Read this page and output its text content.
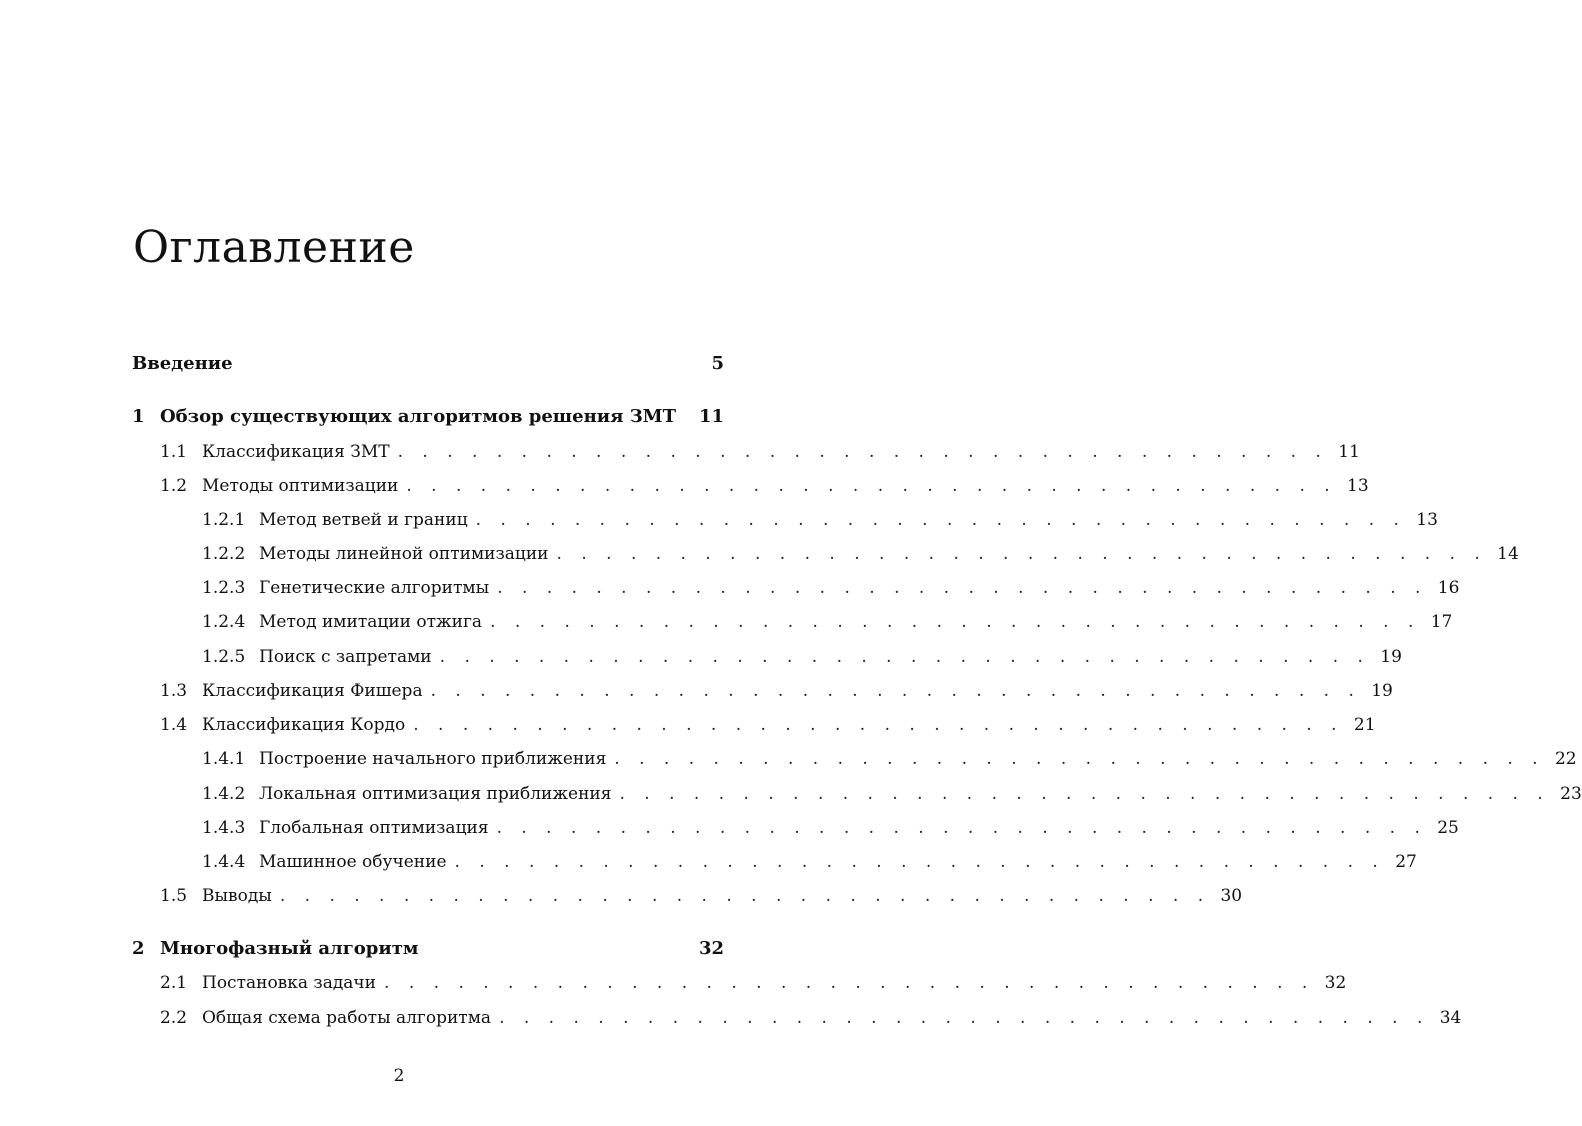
Оглавление
Введение	5
1 Обзор существующих алгоритмов решения ЗМТ	11
1.1 Классификация ЗМТ . . . . . . . . . . . . . . . . . . . . . . . . . . . . . . . . . . . . . . 11
1.2 Методы оптимизации . . . . . . . . . . . . . . . . . . . . . . . . . . . . . . . . . . . . . . 13
1.2.1 Метод ветвей и границ . . . . . . . . . . . . . . . . . . . . . . . . . . . . . . . . . . . . . . 13
1.2.2 Методы линейной оптимизации . . . . . . . . . . . . . . . . . . . . . . . . . . . . . . . . . . . . . . 14
1.2.3 Генетические алгоритмы . . . . . . . . . . . . . . . . . . . . . . . . . . . . . . . . . . . . . . 16
1.2.4 Метод имитации отжига . . . . . . . . . . . . . . . . . . . . . . . . . . . . . . . . . . . . . . 17
1.2.5 Поиск с запретами . . . . . . . . . . . . . . . . . . . . . . . . . . . . . . . . . . . . . . 19
1.3 Классификация Фишера . . . . . . . . . . . . . . . . . . . . . . . . . . . . . . . . . . . . . . 19
1.4 Классификация Кордо . . . . . . . . . . . . . . . . . . . . . . . . . . . . . . . . . . . . . . 21
1.4.1 Построение начального приближения . . . . . . . . . . . . . . . . . . . . . . . . . . . . . . . . . . . . . . 22
1.4.2 Локальная оптимизация приближения . . . . . . . . . . . . . . . . . . . . . . . . . . . . . . . . . . . . . . 23
1.4.3 Глобальная оптимизация . . . . . . . . . . . . . . . . . . . . . . . . . . . . . . . . . . . . . . 25
1.4.4 Машинное обучение . . . . . . . . . . . . . . . . . . . . . . . . . . . . . . . . . . . . . . 27
1.5 Выводы . . . . . . . . . . . . . . . . . . . . . . . . . . . . . . . . . . . . . . 30
2 Многофазный алгоритм	32
2.1 Постановка задачи . . . . . . . . . . . . . . . . . . . . . . . . . . . . . . . . . . . . . . 32
2.2 Общая схема работы алгоритма . . . . . . . . . . . . . . . . . . . . . . . . . . . . . . . . . . . . . . 34
2
